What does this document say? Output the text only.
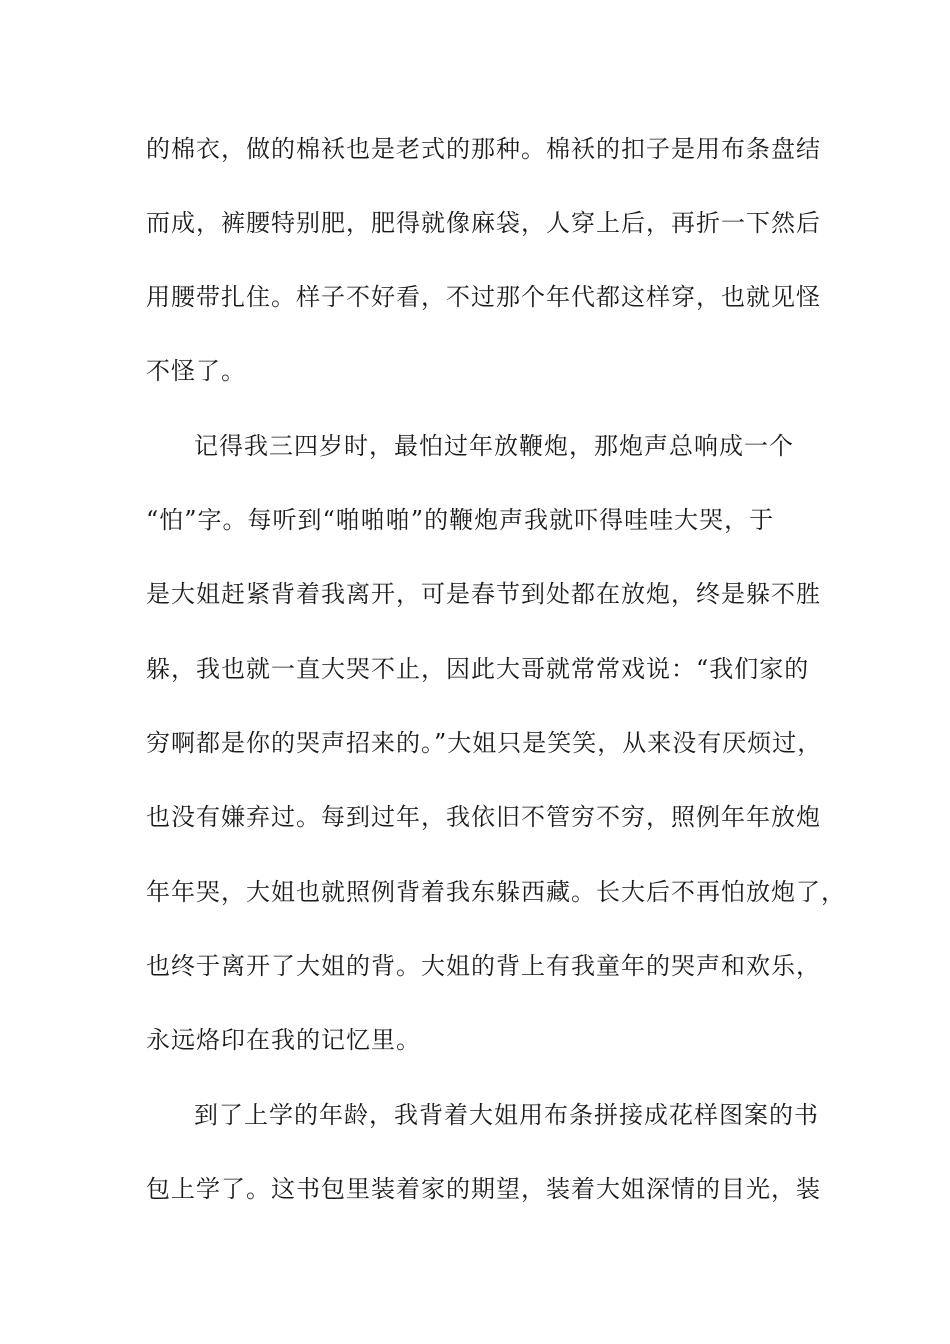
的棉衣，做的棉袄也是老式的那种。棉袄的扣子是用布条盘结
而成，裤腰特别肥，肥得就像麻袋，人穿上后，再折一下然后
用腰带扎住。样子不好看，不过那个年代都这样穿，也就见怪
不怪了。
记得我三四岁时，最怕过年放鞭炮，那炮声总响成一个
“怕”字。每听到“啪啪啪”的鞭炮声我就吓得哇哇大哭，于
是大姐赶紧背着我离开，可是春节到处都在放炮，终是躲不胜
躲，我也就一直大哭不止，因此大哥就常常戏说：“我们家的
穷啊都是你的哭声招来的。”大姐只是笑笑，从来没有厌烦过，
也没有嫌弃过。每到过年，我依旧不管穷不穷，照例年年放炮
年年哭，大姐也就照例背着我东躲西藏。长大后不再怕放炮了，
也终于离开了大姐的背。大姐的背上有我童年的哭声和欢乐，
永远烙印在我的记忆里。
到了上学的年龄，我背着大姐用布条拼接成花样图案的书
包上学了。这书包里装着家的期望，装着大姐深情的目光，装
